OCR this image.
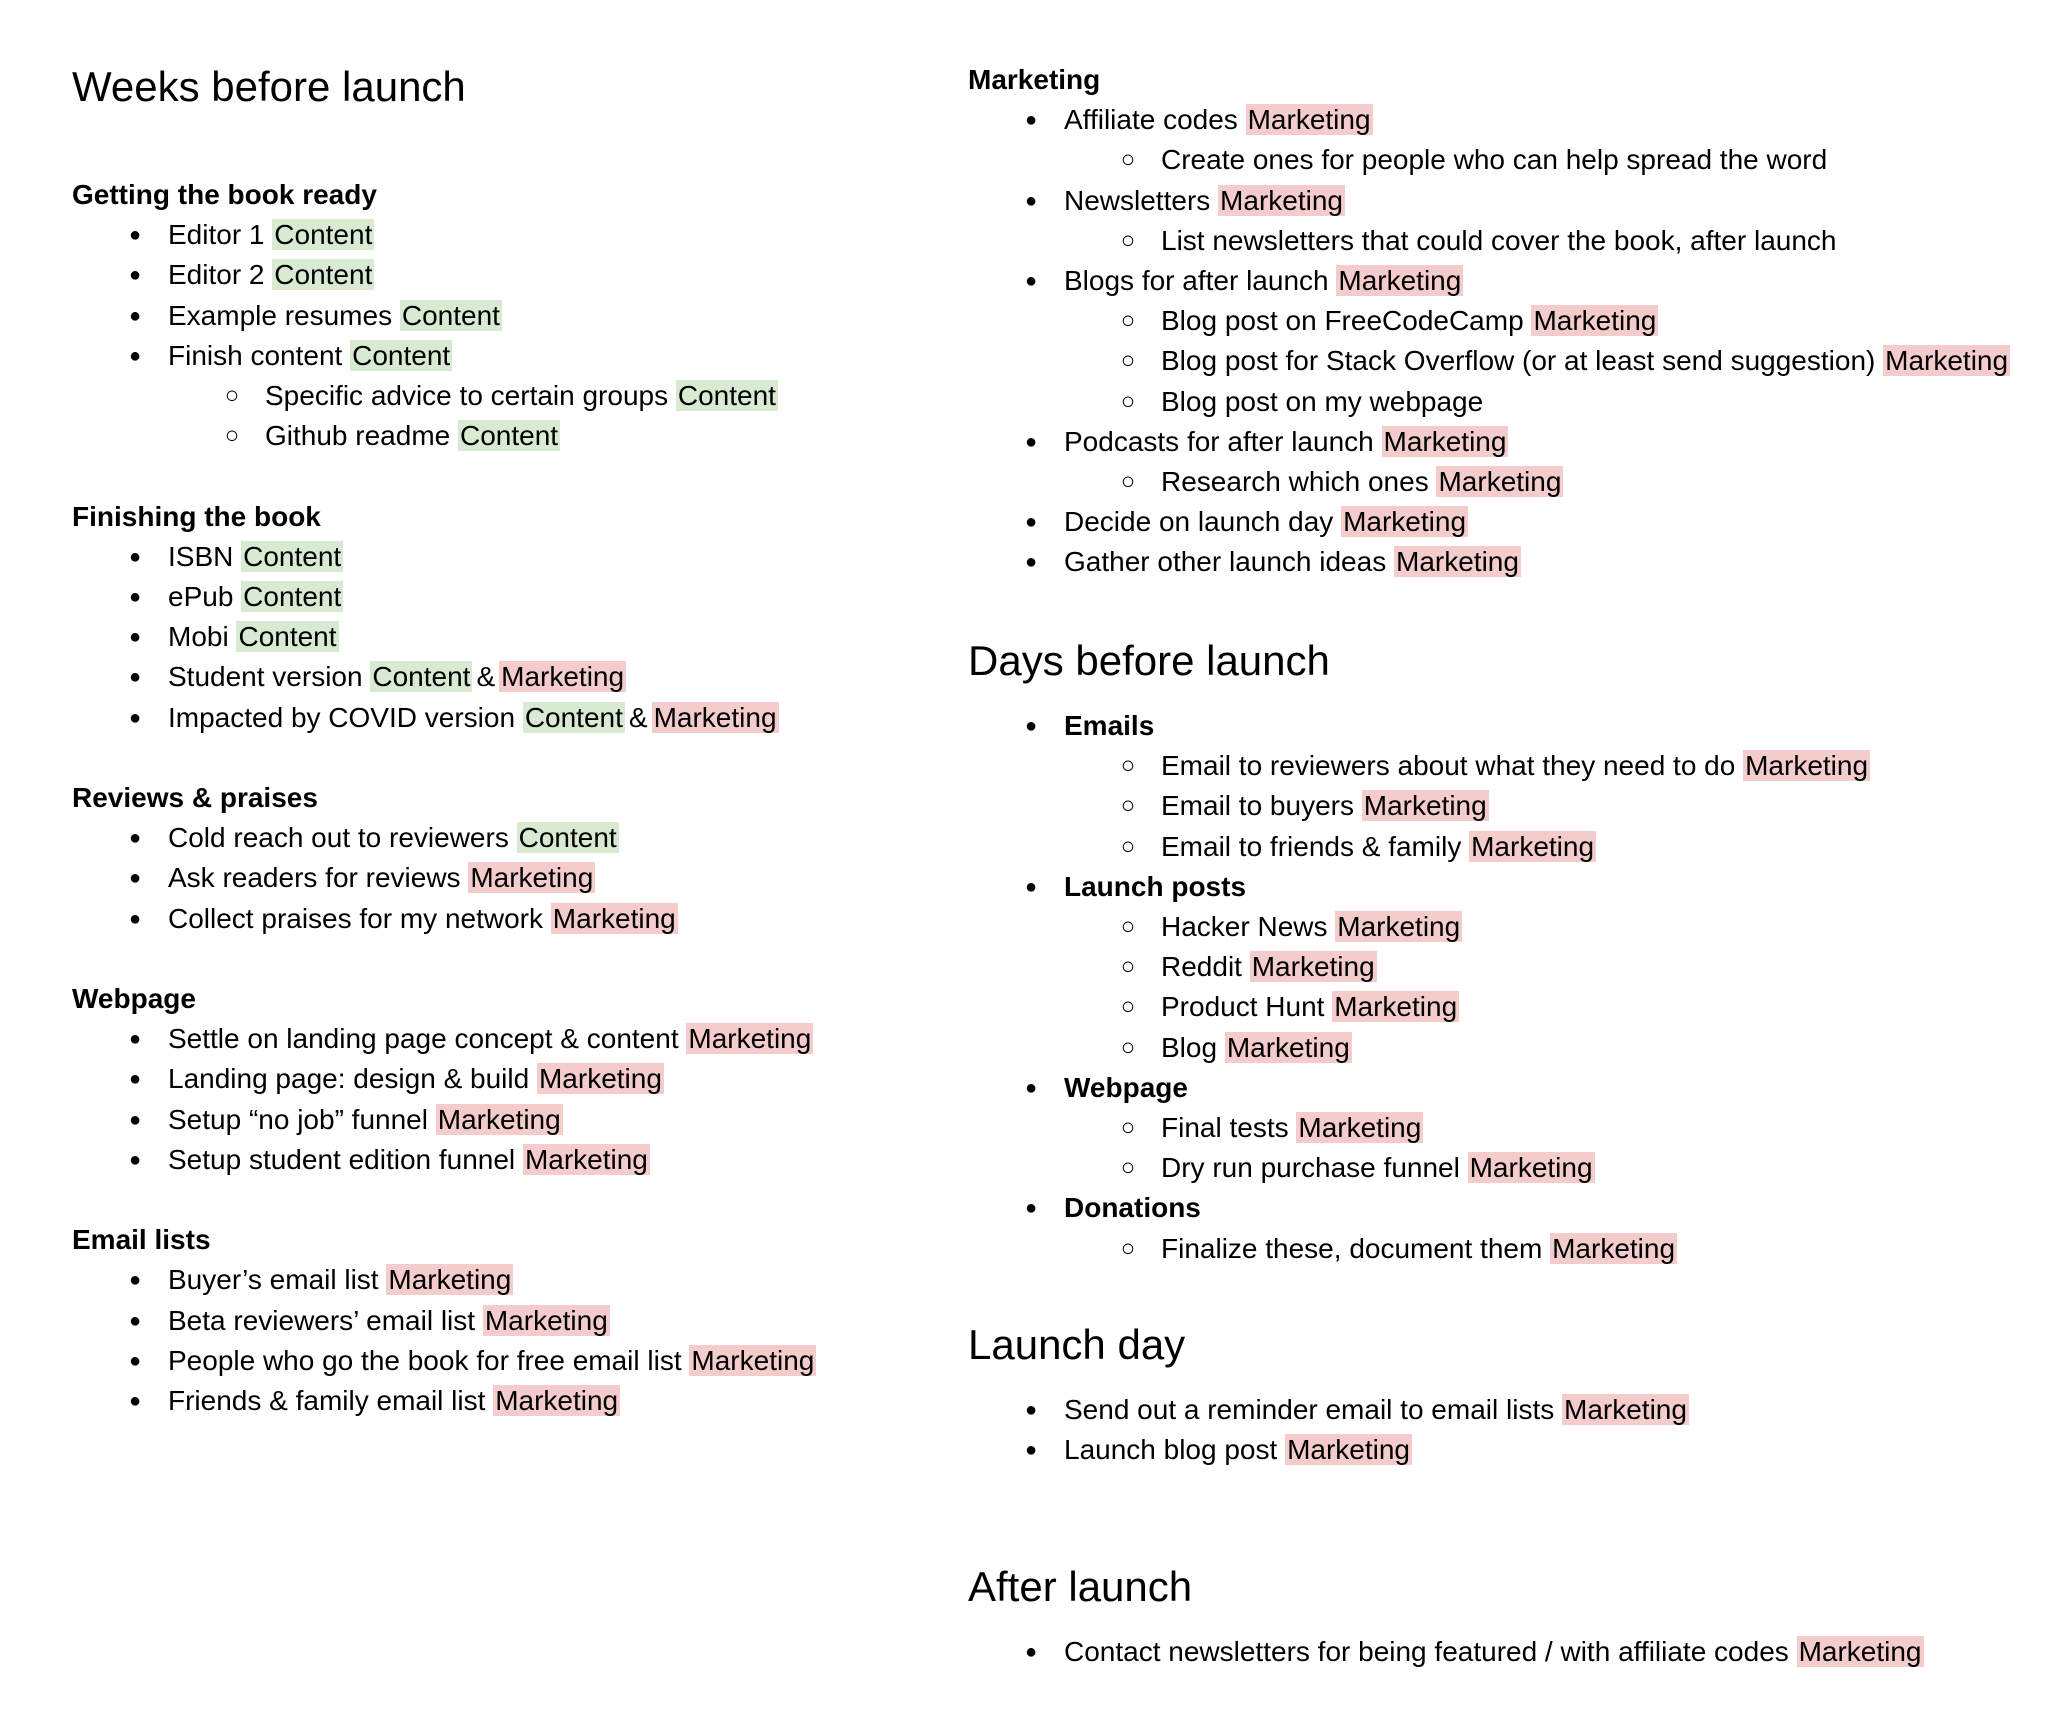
Weeks before launch
Getting the book ready
● Editor 1 Content
● Editor 2 Content
● Example resumes Content
● Finish content Content
○ Specific advice to certain groups Content
○ Github readme Content
Finishing the book
● ISBN Content
● ePub Content
● Mobi Content
● Student version Content & Marketing
● Impacted by COVID version Content & Marketing
Reviews & praises
● Cold reach out to reviewers Content
● Ask readers for reviews Marketing
● Collect praises for my network Marketing
Webpage
● Settle on landing page concept & content Marketing
● Landing page: design & build Marketing
● Setup “no job” funnel Marketing
● Setup student edition funnel Marketing
Email lists
● Buyer’s email list Marketing
● Beta reviewers’ email list Marketing
● People who go the book for free email list Marketing
● Friends & family email list Marketing
Marketing
● Affiliate codes Marketing
○ Create ones for people who can help spread the word
● Newsletters Marketing
○ List newsletters that could cover the book, after launch
● Blogs for after launch Marketing
○ Blog post on FreeCodeCamp Marketing
○ Blog post for Stack Overflow (or at least send suggestion) Marketing
○ Blog post on my webpage
● Podcasts for after launch Marketing
○ Research which ones Marketing
● Decide on launch day Marketing
● Gather other launch ideas Marketing
Days before launch
● Emails
○ Email to reviewers about what they need to do Marketing
○ Email to buyers Marketing
○ Email to friends & family Marketing
● Launch posts
○ Hacker News Marketing
○ Reddit Marketing
○ Product Hunt Marketing
○ Blog Marketing
● Webpage
○ Final tests Marketing
○ Dry run purchase funnel Marketing
● Donations
○ Finalize these, document them Marketing
Launch day
● Send out a reminder email to email lists Marketing
● Launch blog post Marketing
After launch
● Contact newsletters for being featured / with affiliate codes Marketing
